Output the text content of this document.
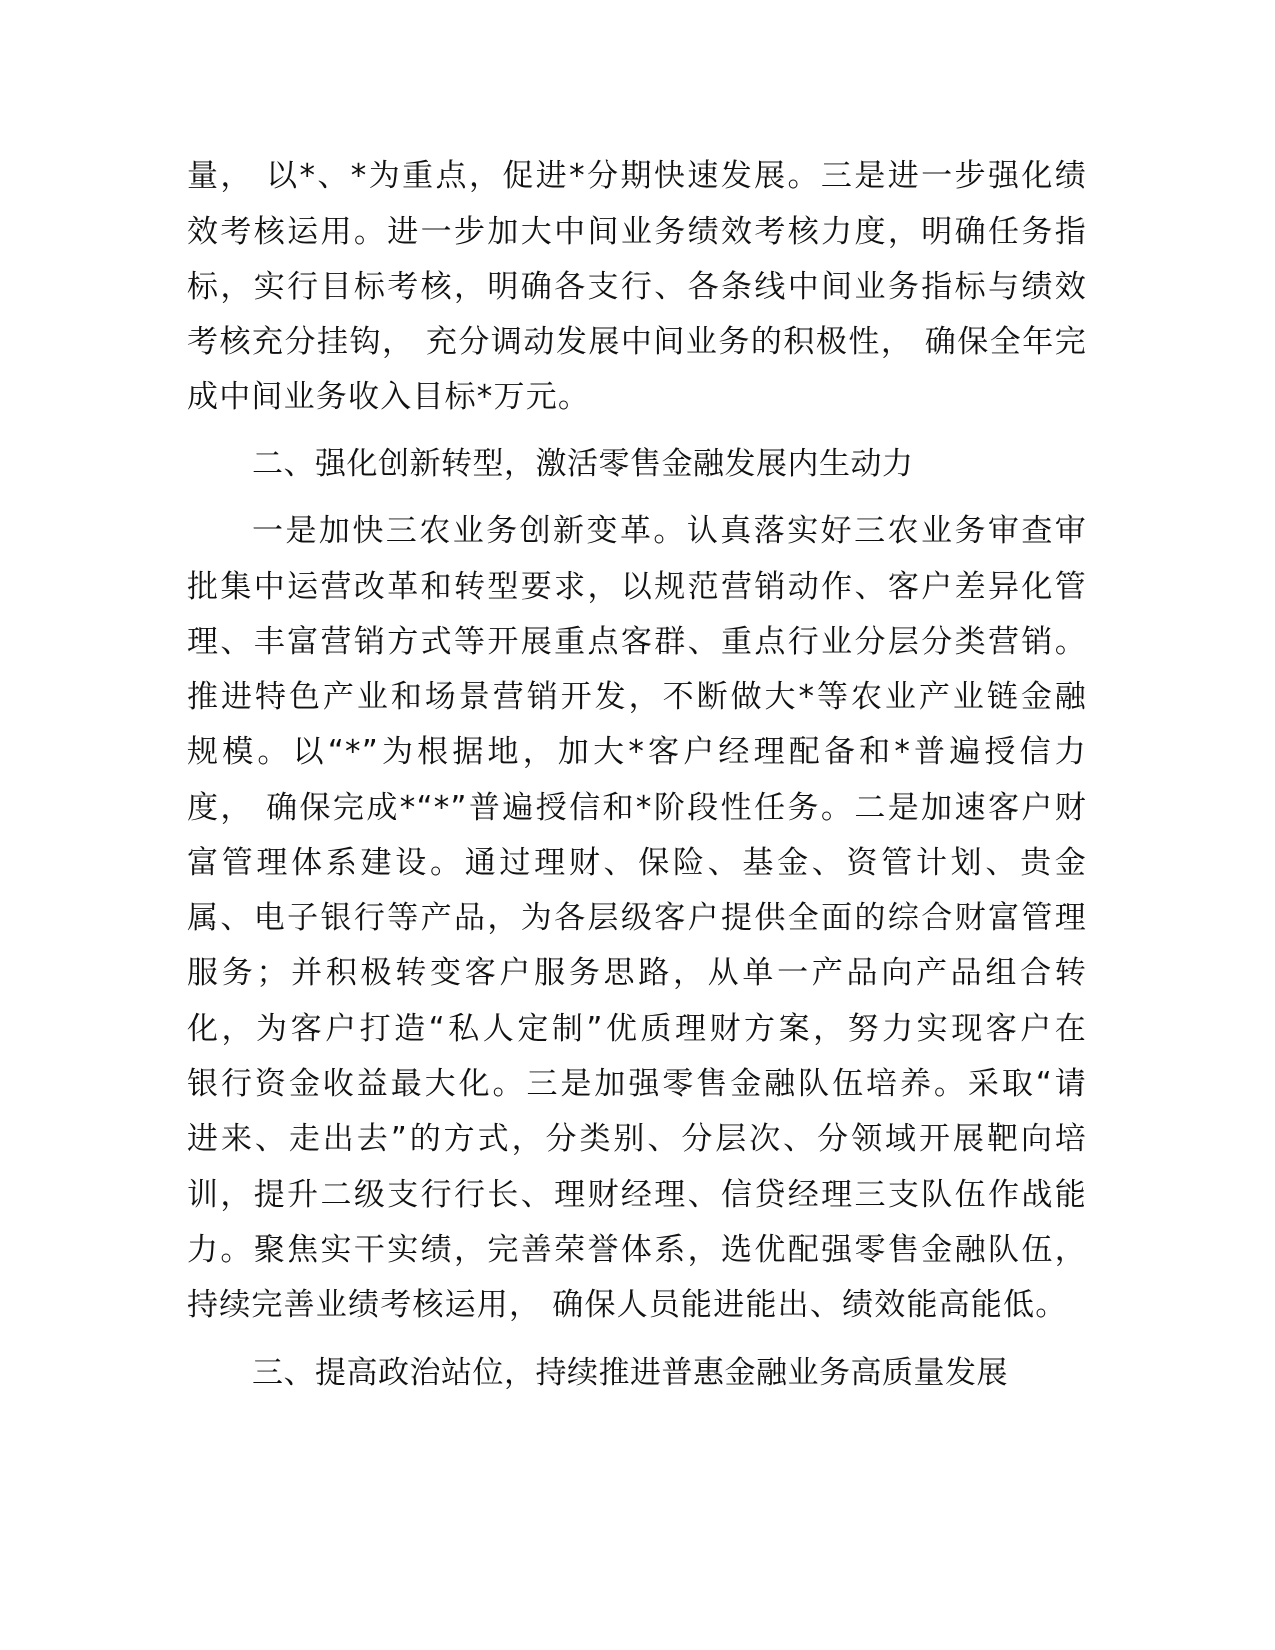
量， 以*、*为重点，促进*分期快速发展。三是进一步强化绩
效考核运用。进一步加大中间业务绩效考核力度，明确任务指
标，实行目标考核，明确各支行、各条线中间业务指标与绩效
考核充分挂钩， 充分调动发展中间业务的积极性， 确保全年完
成中间业务收入目标*万元。
二、强化创新转型，激活零售金融发展内生动力
一是加快三农业务创新变革。认真落实好三农业务审查审
批集中运营改革和转型要求，以规范营销动作、客户差异化管
理、丰富营销方式等开展重点客群、重点行业分层分类营销。
推进特色产业和场景营销开发，不断做大*等农业产业链金融
规模。以“*”为根据地，加大*客户经理配备和*普遍授信力
度， 确保完成*“*”普遍授信和*阶段性任务。二是加速客户财
富管理体系建设。通过理财、保险、基金、资管计划、贵金
属、电子银行等产品，为各层级客户提供全面的综合财富管理
服务；并积极转变客户服务思路，从单一产品向产品组合转
化，为客户打造“私人定制”优质理财方案，努力实现客户在
银行资金收益最大化。三是加强零售金融队伍培养。采取“请
进来、走出去”的方式，分类别、分层次、分领域开展靶向培
训，提升二级支行行长、理财经理、信贷经理三支队伍作战能
力。聚焦实干实绩，完善荣誉体系，选优配强零售金融队伍，
持续完善业绩考核运用， 确保人员能进能出、绩效能高能低。
三、提高政治站位，持续推进普惠金融业务高质量发展
